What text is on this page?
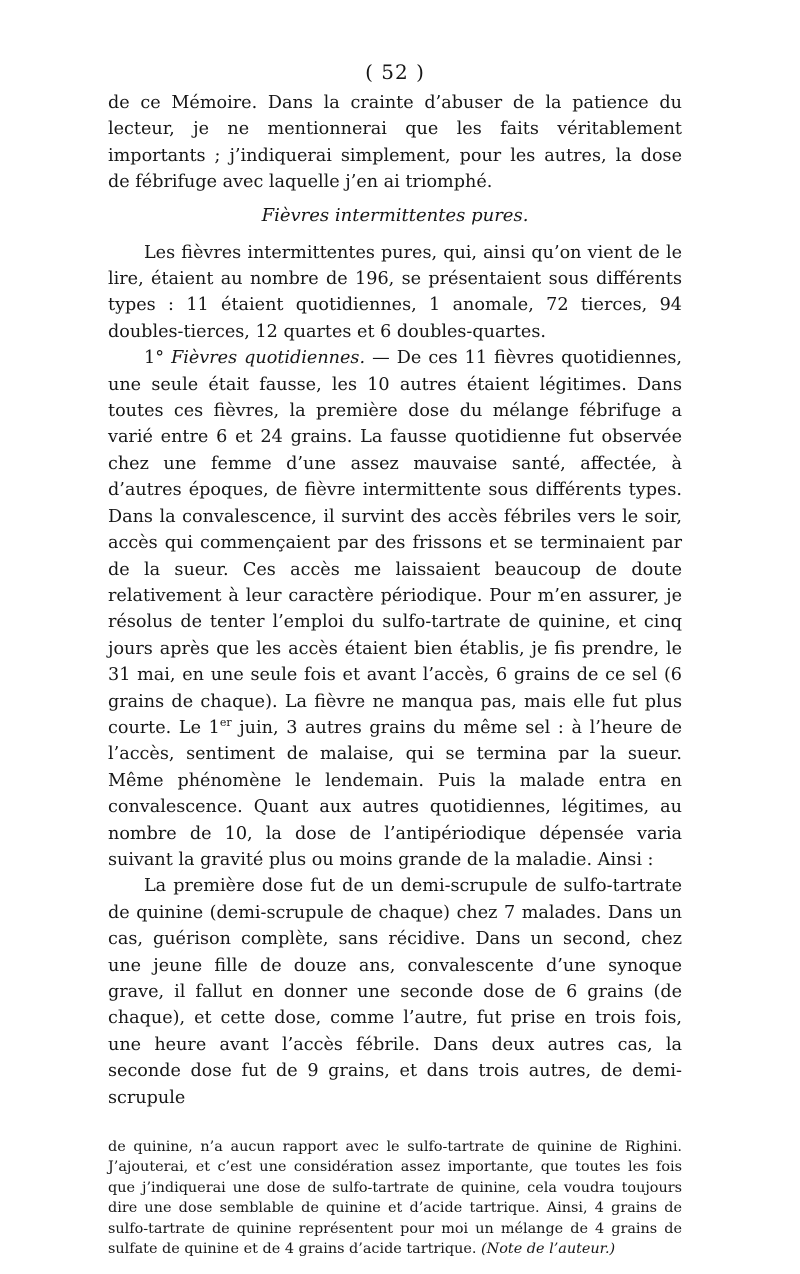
( 52 )

de ce Mémoire. Dans la crainte d’abuser de la patience du lecteur, je ne mentionnerai que les faits véritablement importants ; j’indiquerai simplement, pour les autres, la dose de fébrifuge avec laquelle j’en ai triomphé.

Fièvres intermittentes pures.

Les fièvres intermittentes pures, qui, ainsi qu’on vient de le lire, étaient au nombre de 196, se présentaient sous différents types : 11 étaient quotidiennes, 1 anomale, 72 tierces, 94 doubles-tierces, 12 quartes et 6 doubles-quartes.

1° Fièvres quotidiennes. — De ces 11 fièvres quotidiennes, une seule était fausse, les 10 autres étaient légitimes. Dans toutes ces fièvres, la première dose du mélange fébrifuge a varié entre 6 et 24 grains. La fausse quotidienne fut observée chez une femme d’une assez mauvaise santé, affectée, à d’autres époques, de fièvre intermittente sous différents types. Dans la convalescence, il survint des accès fébriles vers le soir, accès qui commençaient par des frissons et se terminaient par de la sueur. Ces accès me laissaient beaucoup de doute relativement à leur caractère périodique. Pour m’en assurer, je résolus de tenter l’emploi du sulfo-tartrate de quinine, et cinq jours après que les accès étaient bien établis, je fis prendre, le 31 mai, en une seule fois et avant l’accès, 6 grains de ce sel (6 grains de chaque). La fièvre ne manqua pas, mais elle fut plus courte. Le 1er juin, 3 autres grains du même sel : à l’heure de l’accès, sentiment de malaise, qui se termina par la sueur. Même phénomène le lendemain. Puis la malade entra en convalescence. Quant aux autres quotidiennes, légitimes, au nombre de 10, la dose de l’antipériodique dépensée varia suivant la gravité plus ou moins grande de la maladie. Ainsi :

La première dose fut de un demi-scrupule de sulfo-tartrate de quinine (demi-scrupule de chaque) chez 7 malades. Dans un cas, guérison complète, sans récidive. Dans un second, chez une jeune fille de douze ans, convalescente d’une synoque grave, il fallut en donner une seconde dose de 6 grains (de chaque), et cette dose, comme l’autre, fut prise en trois fois, une heure avant l’accès fébrile. Dans deux autres cas, la seconde dose fut de 9 grains, et dans trois autres, de demi-scrupule

de quinine, n’a aucun rapport avec le sulfo-tartrate de quinine de Righini. J’ajouterai, et c’est une considération assez importante, que toutes les fois que j’indiquerai une dose de sulfo-tartrate de quinine, cela voudra toujours dire une dose semblable de quinine et d’acide tartrique. Ainsi, 4 grains de sulfo-tartrate de quinine représentent pour moi un mélange de 4 grains de sulfate de quinine et de 4 grains d’acide tartrique. (Note de l’auteur.)
